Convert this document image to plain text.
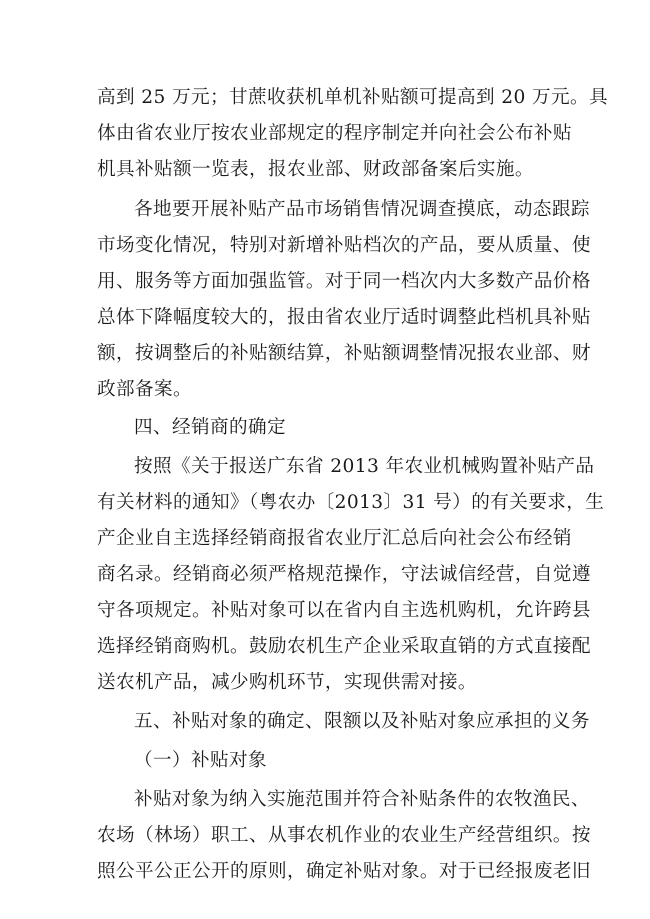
高到 25 万元；甘蔗收获机单机补贴额可提高到 20 万元。具
体由省农业厅按农业部规定的程序制定并向社会公布补贴
机具补贴额一览表，报农业部、财政部备案后实施。
各地要开展补贴产品市场销售情况调查摸底，动态跟踪
市场变化情况，特别对新增补贴档次的产品，要从质量、使
用、服务等方面加强监管。对于同一档次内大多数产品价格
总体下降幅度较大的，报由省农业厅适时调整此档机具补贴
额，按调整后的补贴额结算，补贴额调整情况报农业部、财
政部备案。
四、经销商的确定
按照《关于报送广东省 2013 年农业机械购置补贴产品
有关材料的通知》（粤农办〔2013〕31 号）的有关要求，生
产企业自主选择经销商报省农业厅汇总后向社会公布经销
商名录。经销商必须严格规范操作，守法诚信经营，自觉遵
守各项规定。补贴对象可以在省内自主选机购机，允许跨县
选择经销商购机。鼓励农机生产企业采取直销的方式直接配
送农机产品，减少购机环节，实现供需对接。
五、补贴对象的确定、限额以及补贴对象应承担的义务
（一）补贴对象
补贴对象为纳入实施范围并符合补贴条件的农牧渔民、
农场（林场）职工、从事农机作业的农业生产经营组织。按
照公平公正公开的原则，确定补贴对象。对于已经报废老旧
